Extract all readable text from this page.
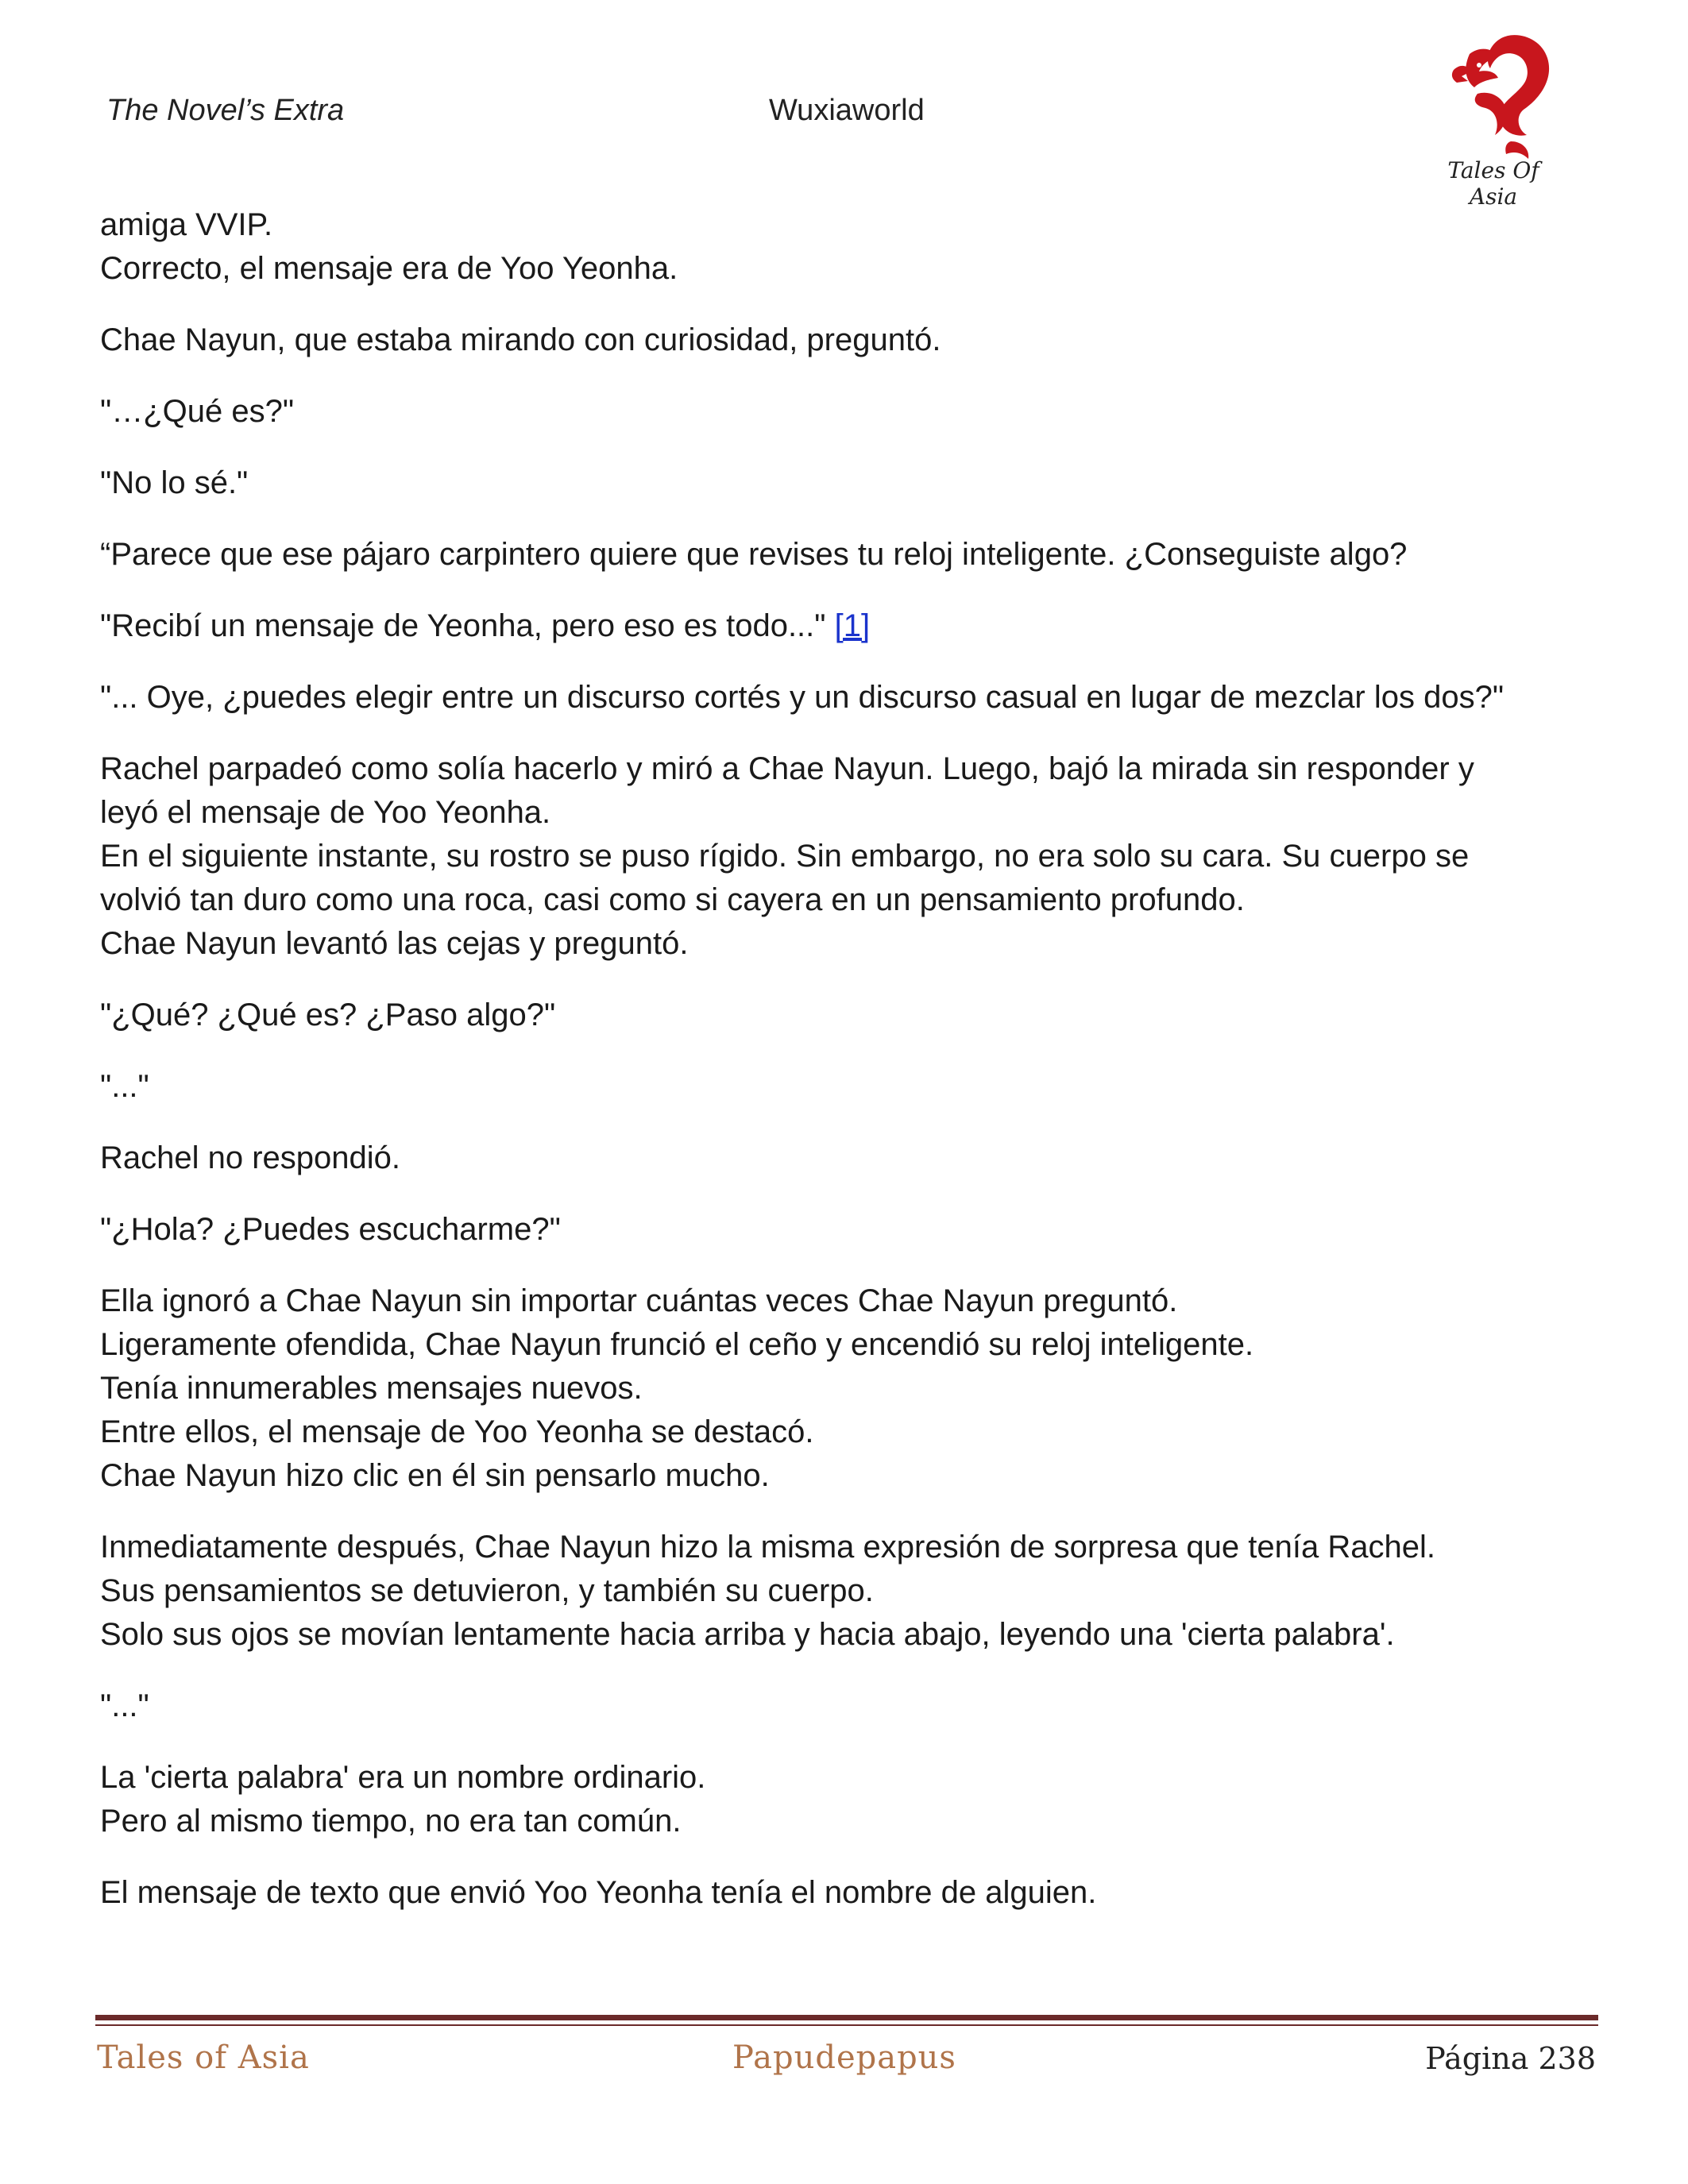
The Novel’s Extra	Wuxiaworld
Tales Of Asia
amiga VVIP.
Correcto, el mensaje era de Yoo Yeonha.
Chae Nayun, que estaba mirando con curiosidad, preguntó.
"…¿Qué es?"
"No lo sé."
“Parece que ese pájaro carpintero quiere que revises tu reloj inteligente. ¿Conseguiste algo?
"Recibí un mensaje de Yeonha, pero eso es todo..." [1]
"... Oye, ¿puedes elegir entre un discurso cortés y un discurso casual en lugar de mezclar los dos?"
Rachel parpadeó como solía hacerlo y miró a Chae Nayun. Luego, bajó la mirada sin responder y
leyó el mensaje de Yoo Yeonha.
En el siguiente instante, su rostro se puso rígido. Sin embargo, no era solo su cara. Su cuerpo se
volvió tan duro como una roca, casi como si cayera en un pensamiento profundo.
Chae Nayun levantó las cejas y preguntó.
"¿Qué? ¿Qué es? ¿Paso algo?"
"..."
Rachel no respondió.
"¿Hola? ¿Puedes escucharme?"
Ella ignoró a Chae Nayun sin importar cuántas veces Chae Nayun preguntó.
Ligeramente ofendida, Chae Nayun frunció el ceño y encendió su reloj inteligente.
Tenía innumerables mensajes nuevos.
Entre ellos, el mensaje de Yoo Yeonha se destacó.
Chae Nayun hizo clic en él sin pensarlo mucho.
Inmediatamente después, Chae Nayun hizo la misma expresión de sorpresa que tenía Rachel.
Sus pensamientos se detuvieron, y también su cuerpo.
Solo sus ojos se movían lentamente hacia arriba y hacia abajo, leyendo una 'cierta palabra'.
"..."
La 'cierta palabra' era un nombre ordinario.
Pero al mismo tiempo, no era tan común.
El mensaje de texto que envió Yoo Yeonha tenía el nombre de alguien.
Tales of Asia	Papudepapus	Página 238
